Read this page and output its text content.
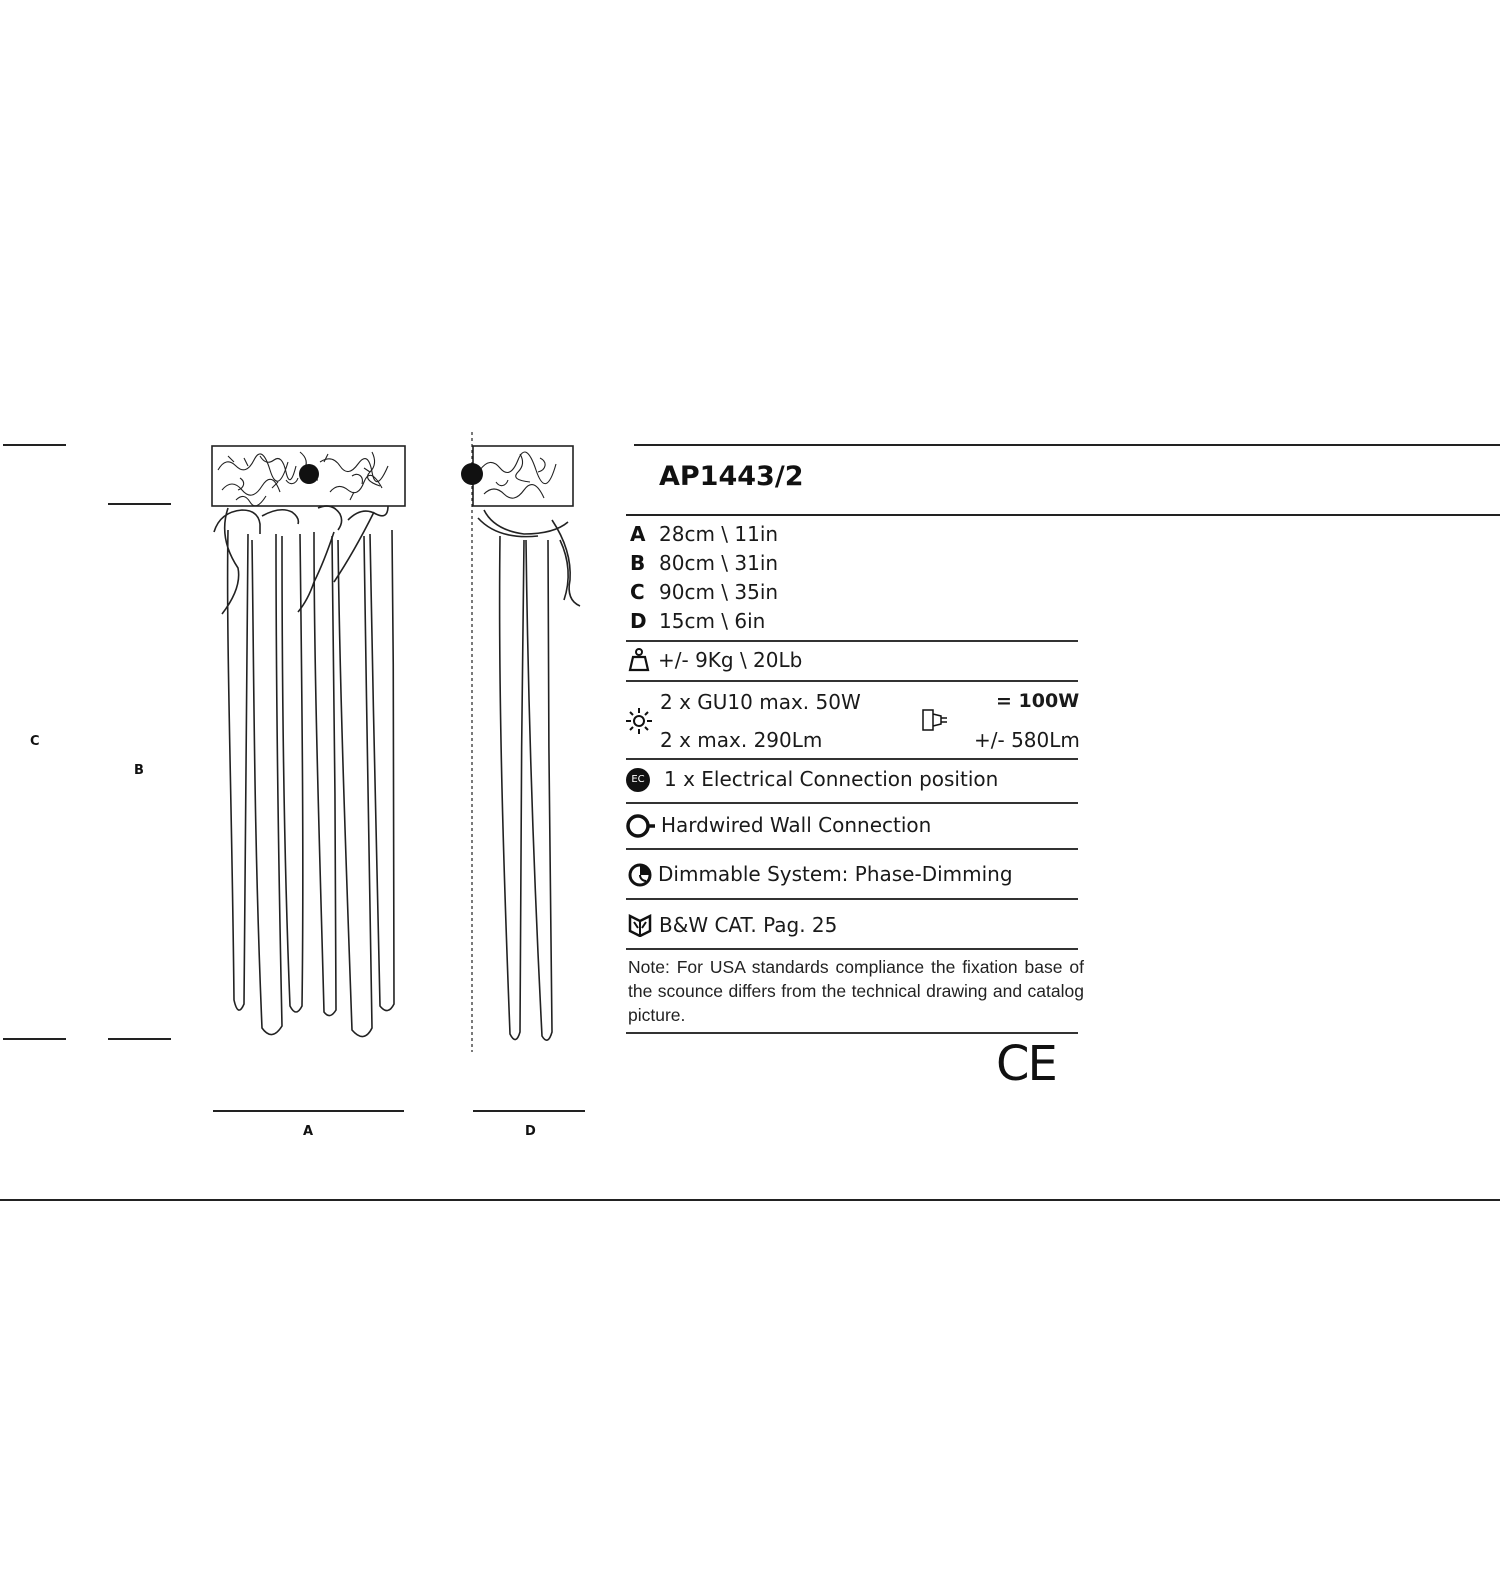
C
B
A	D
AP1443/2
A 28cm \ 11in
B 80cm \ 31in
C 90cm \ 35in
D 15cm \ 6in
+/- 9Kg \ 20Lb
2 x GU10 max. 50W
2 x max. 290Lm
= 100W
+/- 580Lm
EC 1 x Electrical Connection position
Hardwired Wall Connection
Dimmable System: Phase-Dimming
B&W CAT. Pag. 25
Note: For USA standards compliance the fixation base of the scounce differs from the technical drawing and catalog picture.
CE
